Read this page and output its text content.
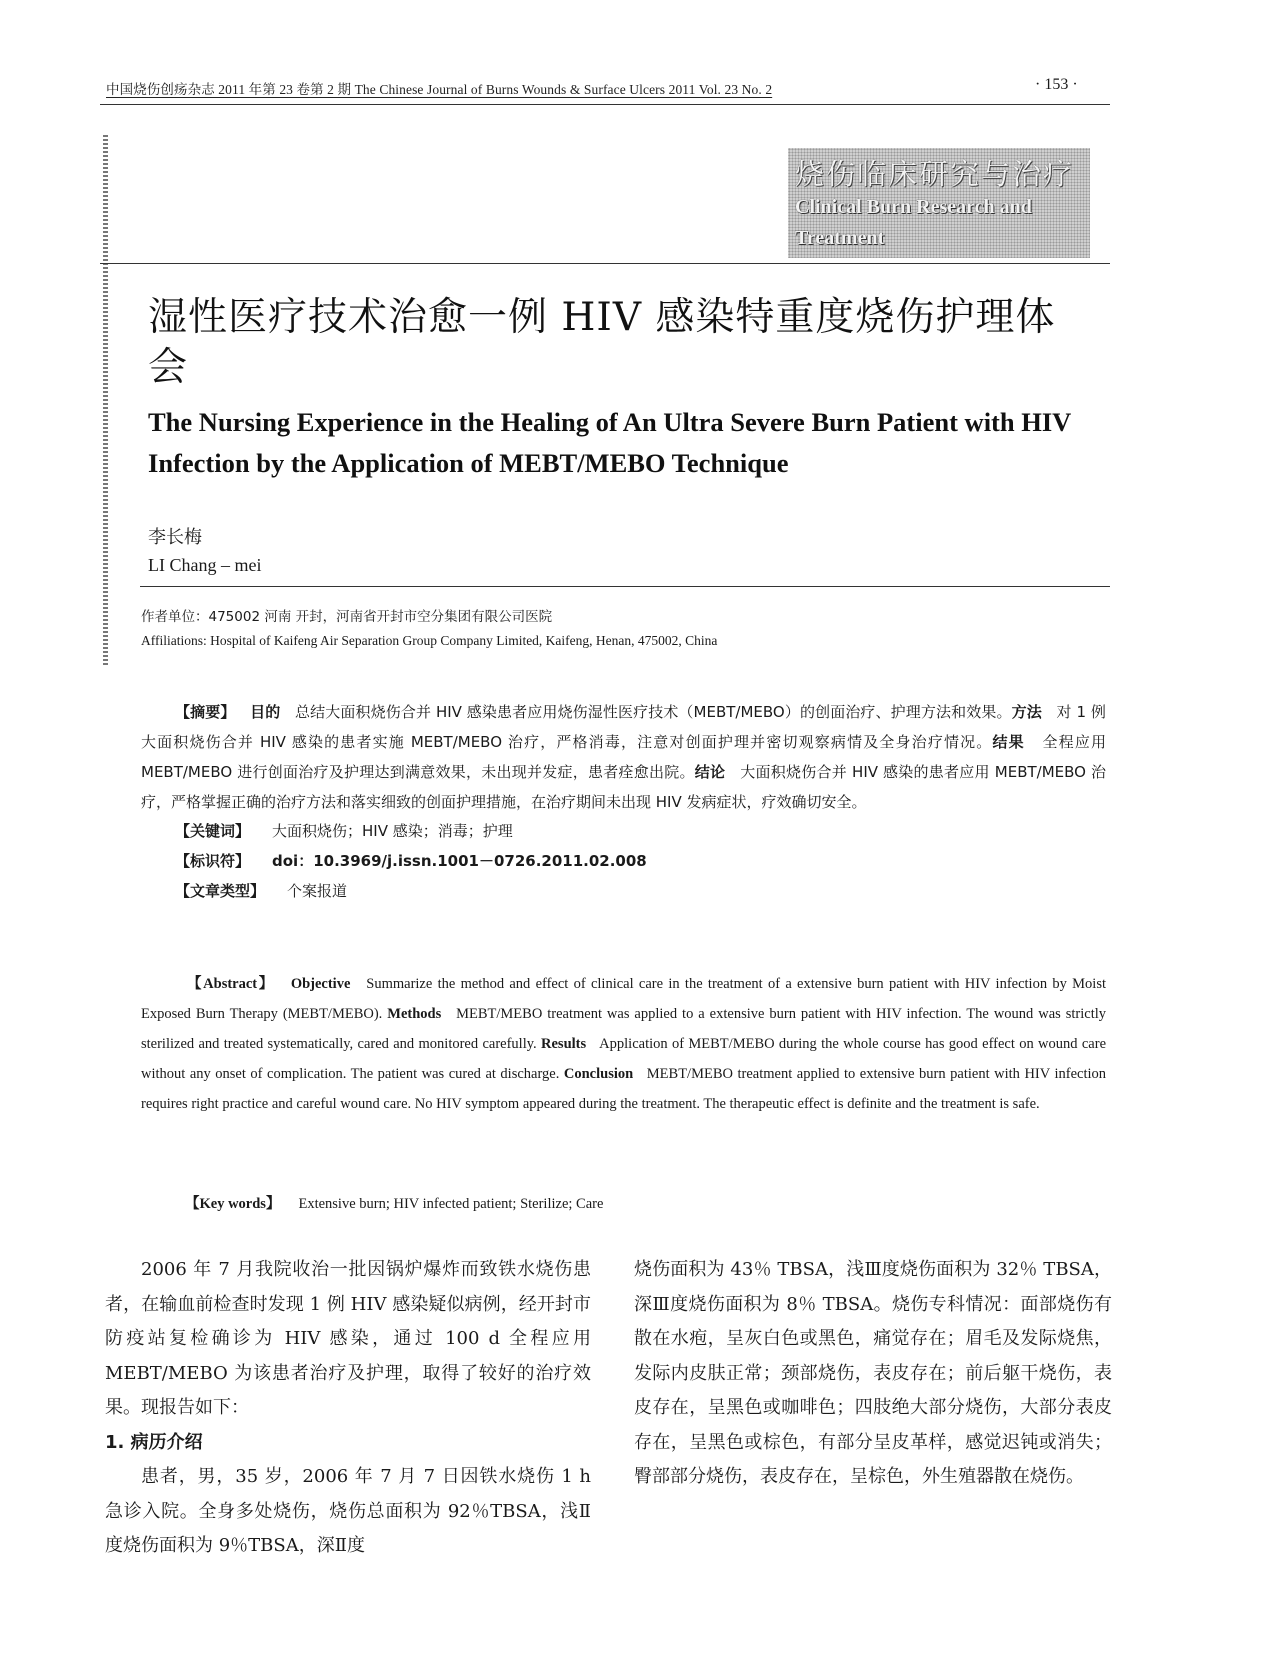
中国烧伤创疡杂志 2011 年第 23 卷第 2 期 The Chinese Journal of Burns Wounds & Surface Ulcers 2011 Vol. 23 No. 2	· 153 ·
烧伤临床研究与治疗
Clinical Burn Research and Treatment
湿性医疗技术治愈一例 HIV 感染特重度烧伤护理体会
The Nursing Experience in the Healing of An Ultra Severe Burn Patient with HIV Infection by the Application of MEBT/MEBO Technique
李长梅
LI Chang – mei
作者单位：475002 河南 开封，河南省开封市空分集团有限公司医院
Affiliations: Hospital of Kaifeng Air Separation Group Company Limited, Kaifeng, Henan, 475002, China
【摘要】 目的 总结大面积烧伤合并 HIV 感染患者应用烧伤湿性医疗技术（MEBT/MEBO）的创面治疗、护理方法和效果。方法 对 1 例大面积烧伤合并 HIV 感染的患者实施 MEBT/MEBO 治疗，严格消毒，注意对创面护理并密切观察病情及全身治疗情况。结果 全程应用 MEBT/MEBO 进行创面治疗及护理达到满意效果，未出现并发症，患者痊愈出院。结论 大面积烧伤合并 HIV 感染的患者应用 MEBT/MEBO 治疗，严格掌握正确的治疗方法和落实细致的创面护理措施，在治疗期间未出现 HIV 发病症状，疗效确切安全。
【关键词】 大面积烧伤；HIV 感染；消毒；护理
【标识符】 doi：10.3969/j.issn.1001－0726.2011.02.008
【文章类型】 个案报道
【Abstract】 Objective Summarize the method and effect of clinical care in the treatment of a extensive burn patient with HIV infection by Moist Exposed Burn Therapy (MEBT/MEBO). Methods MEBT/MEBO treatment was applied to a extensive burn patient with HIV infection. The wound was strictly sterilized and treated systematically, cared and monitored carefully. Results Application of MEBT/MEBO during the whole course has good effect on wound care without any onset of complication. The patient was cured at discharge. Conclusion MEBT/MEBO treatment applied to extensive burn patient with HIV infection requires right practice and careful wound care. No HIV symptom appeared during the treatment. The therapeutic effect is definite and the treatment is safe.
【Key words】 Extensive burn; HIV infected patient; Sterilize; Care

2006 年 7 月我院收治一批因锅炉爆炸而致铁水烧伤患者，在输血前检查时发现 1 例 HIV 感染疑似病例，经开封市防疫站复检确诊为 HIV 感染，通过 100 d 全程应用 MEBT/MEBO 为该患者治疗及护理，取得了较好的治疗效果。现报告如下：

1. 病历介绍

患者，男，35 岁，2006 年 7 月 7 日因铁水烧伤 1 h 急诊入院。全身多处烧伤，烧伤总面积为 92％TBSA，浅Ⅱ度烧伤面积为 9％TBSA，深Ⅱ度

烧伤面积为 43％ TBSA，浅Ⅲ度烧伤面积为 32％ TBSA，深Ⅲ度烧伤面积为 8％ TBSA。烧伤专科情况：面部烧伤有散在水疱，呈灰白色或黑色，痛觉存在；眉毛及发际烧焦，发际内皮肤正常；颈部烧伤，表皮存在；前后躯干烧伤，表皮存在，呈黑色或咖啡色；四肢绝大部分烧伤，大部分表皮存在，呈黑色或棕色，有部分呈皮革样，感觉迟钝或消失；臀部部分烧伤，表皮存在，呈棕色，外生殖器散在烧伤。
